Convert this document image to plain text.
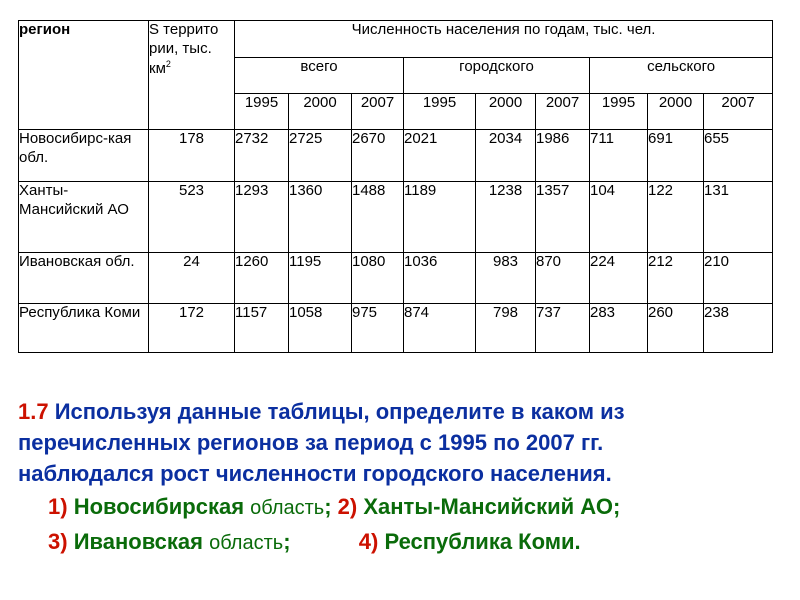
регион	S террито рии, тыс. $км^2$	Численность населения по годам, тыс. чел.								
		всего			городского			сельского		
		1995	2000	2007	1995	2000	2007	1995	2000	2007
Новосибирс-кая обл.	178	2732	2725	2670	2021	2034	1986	711	691	655
Ханты-Мансийский АО	523	1293	1360	1488	1189	1238	1357	104	122	131
Ивановская обл.	24	1260	1195	1080	1036	983	870	224	212	210
Республика Коми	172	1157	1058	975	874	798	737	283	260	238
1.7 Используя данные таблицы, определите в каком из
перечисленных регионов за период с 1995 по 2007 гг.
наблюдался рост численности городского населения.
1) Новосибирская область; 2) Ханты-Мансийский АО;
3) Ивановская область;	4) Республика Коми.
